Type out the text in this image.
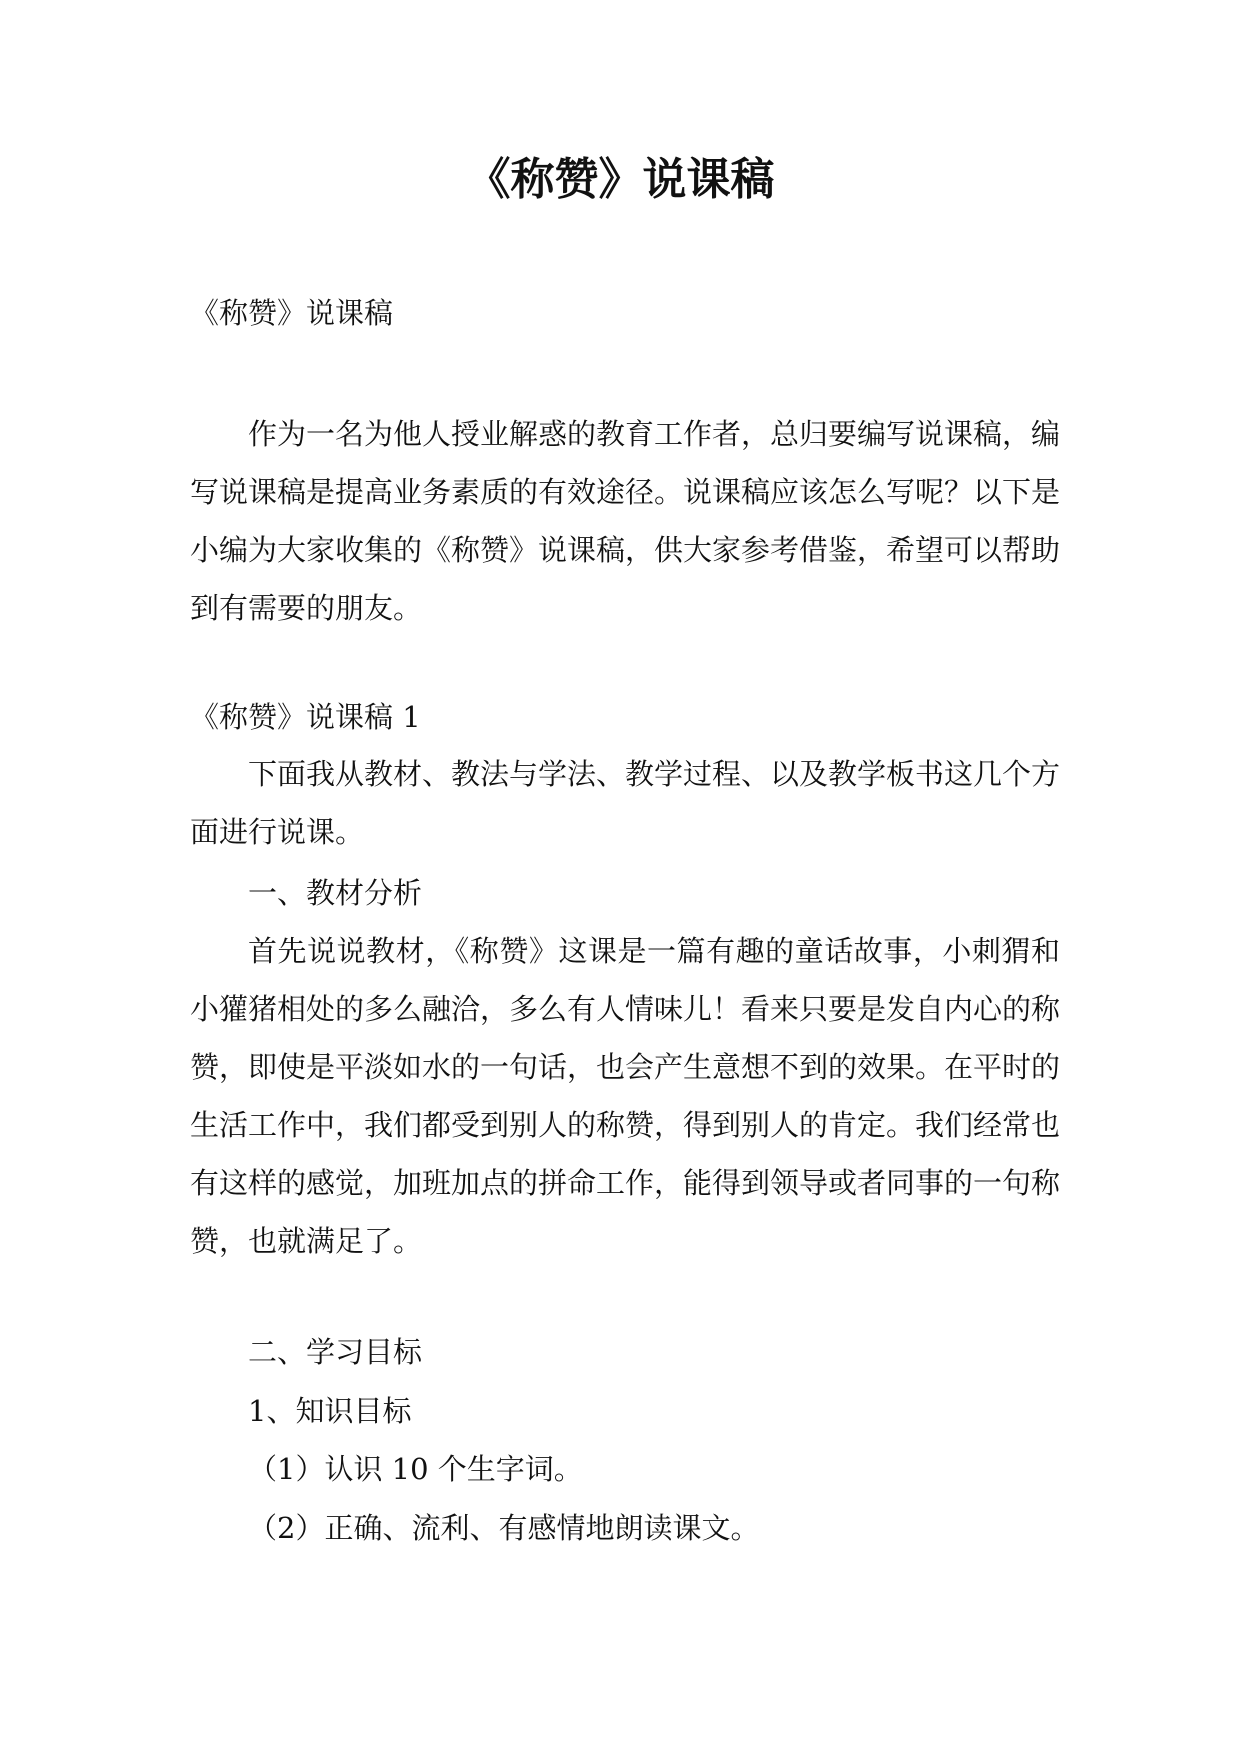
《称赞》说课稿

《称赞》说课稿

作为一名为他人授业解惑的教育工作者，总归要编写说课稿，编写说课稿是提高业务素质的有效途径。说课稿应该怎么写呢？以下是小编为大家收集的《称赞》说课稿，供大家参考借鉴，希望可以帮助到有需要的朋友。

《称赞》说课稿 1

下面我从教材、教法与学法、教学过程、以及教学板书这几个方面进行说课。

一、教材分析

首先说说教材，《称赞》这课是一篇有趣的童话故事，小刺猬和小獾猪相处的多么融洽，多么有人情味儿！看来只要是发自内心的称赞，即使是平淡如水的一句话，也会产生意想不到的效果。在平时的生活工作中，我们都受到别人的称赞，得到别人的肯定。我们经常也有这样的感觉，加班加点的拼命工作，能得到领导或者同事的一句称赞，也就满足了。

二、学习目标

1、知识目标

（1）认识 10 个生字词。

（2）正确、流利、有感情地朗读课文。
